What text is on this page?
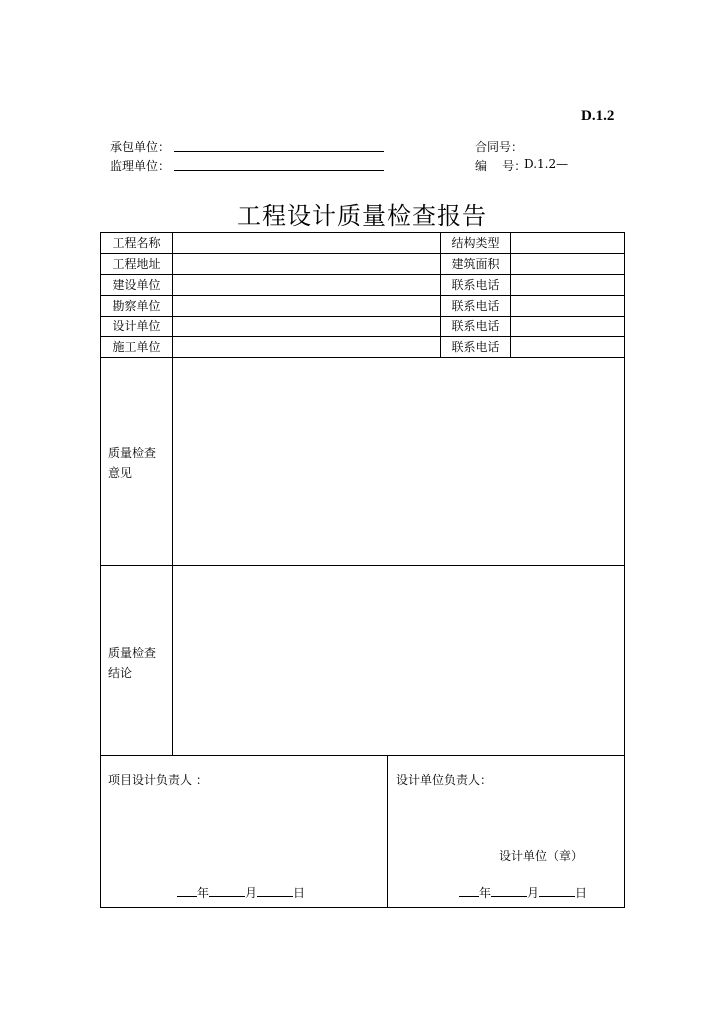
D.1.2
承包单位：
监理单位：
合同号：
编    号：
D.1.2—
工程设计质量检查报告
工程名称	结构类型
工程地址	建筑面积
建设单位	联系电话
勘察单位	联系电话
设计单位	联系电话
施工单位	联系电话
质量检查
意见
质量检查
结论
项目设计负责人 ：	设计单位负责人：
设计单位（章）
年	月	日	年	月	日
